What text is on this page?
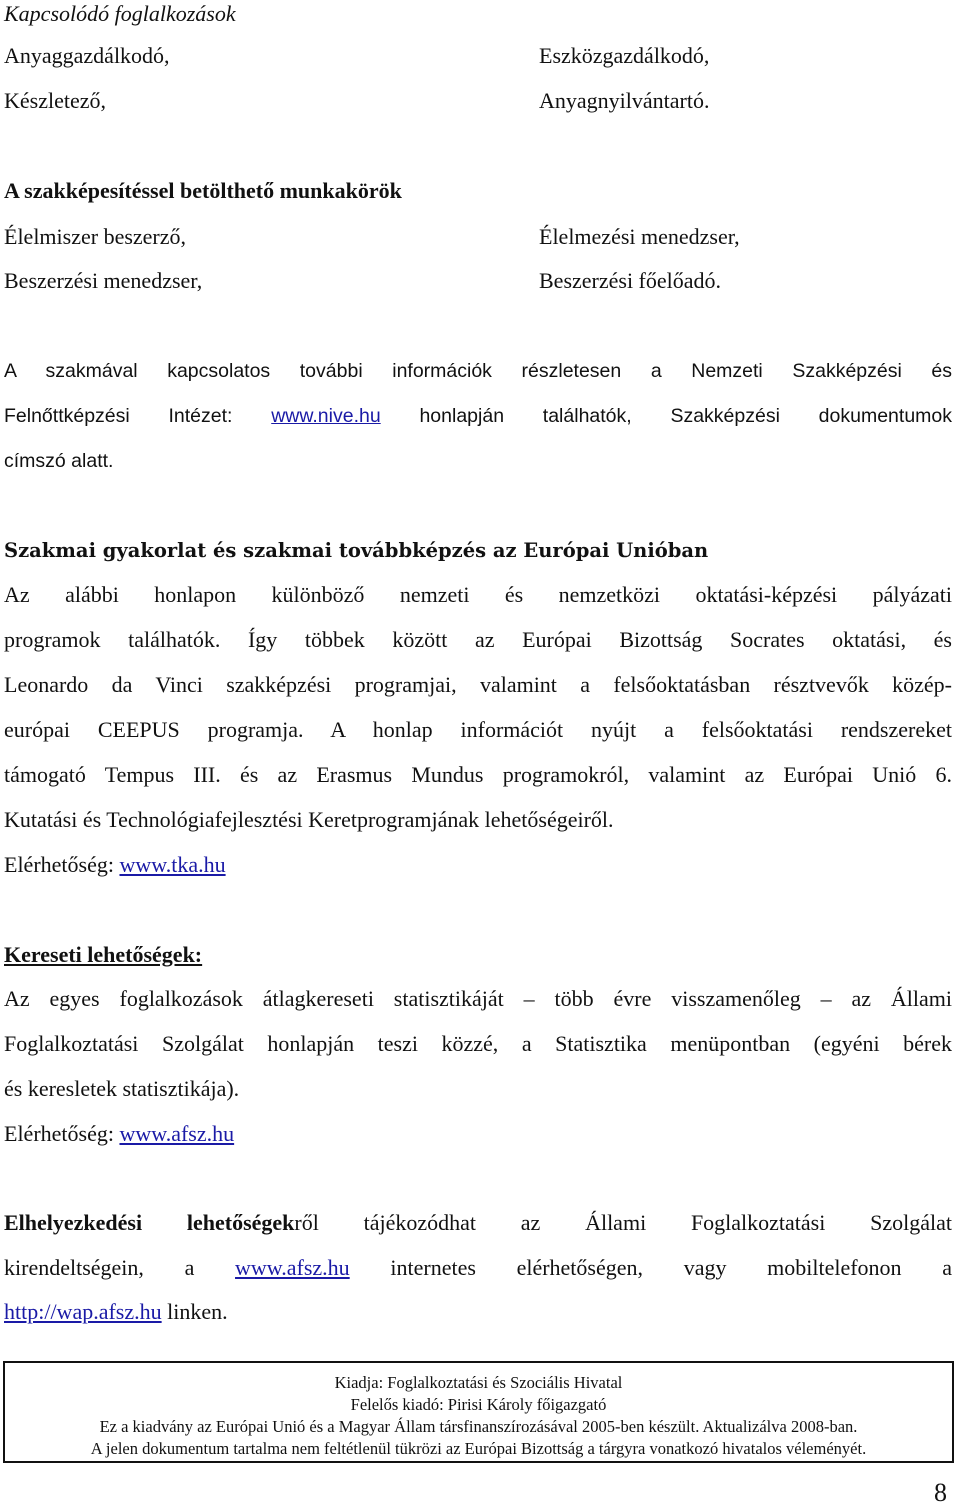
Kapcsolódó foglalkozások
Anyaggazdálkodó,
Készletező,
Eszközgazdálkodó,
Anyagnyilvántartó.
A szakképesítéssel betölthető munkakörök
Élelmiszer beszerző,
Beszerzési menedzser,
Élelmezési menedzser,
Beszerzési főelőadó.
A szakmával kapcsolatos további információk részletesen a Nemzeti Szakképzési és
Felnőttképzési Intézet: www.nive.hu honlapján találhatók, Szakképzési dokumentumok
címszó alatt.
Szakmai gyakorlat és szakmai továbbképzés az Európai Unióban
Az alábbi honlapon különböző nemzeti és nemzetközi oktatási-képzési pályázati
programok találhatók. Így többek között az Európai Bizottság Socrates oktatási, és
Leonardo da Vinci szakképzési programjai, valamint a felsőoktatásban résztvevők közép-
európai CEEPUS programja. A honlap információt nyújt a felsőoktatási rendszereket
támogató Tempus III. és az Erasmus Mundus programokról, valamint az Európai Unió 6.
Kutatási és Technológiafejlesztési Keretprogramjának lehetőségeiről.
Elérhetőség: www.tka.hu
Kereseti lehetőségek:
Az egyes foglalkozások átlagkereseti statisztikáját – több évre visszamenőleg – az Állami
Foglalkoztatási Szolgálat honlapján teszi közzé, a Statisztika menüpontban (egyéni bérek
és keresletek statisztikája).
Elérhetőség: www.afsz.hu
Elhelyezkedési lehetőségekről tájékozódhat az Állami Foglalkoztatási Szolgálat
kirendeltségein, a www.afsz.hu internetes elérhetőségen, vagy mobiltelefonon a
http://wap.afsz.hu linken.
Kiadja: Foglalkoztatási és Szociális Hivatal
Felelős kiadó: Pirisi Károly főigazgató
Ez a kiadvány az Európai Unió és a Magyar Állam társfinanszírozásával 2005-ben készült. Aktualizálva 2008-ban.
A jelen dokumentum tartalma nem feltétlenül tükrözi az Európai Bizottság a tárgyra vonatkozó hivatalos véleményét.
8
